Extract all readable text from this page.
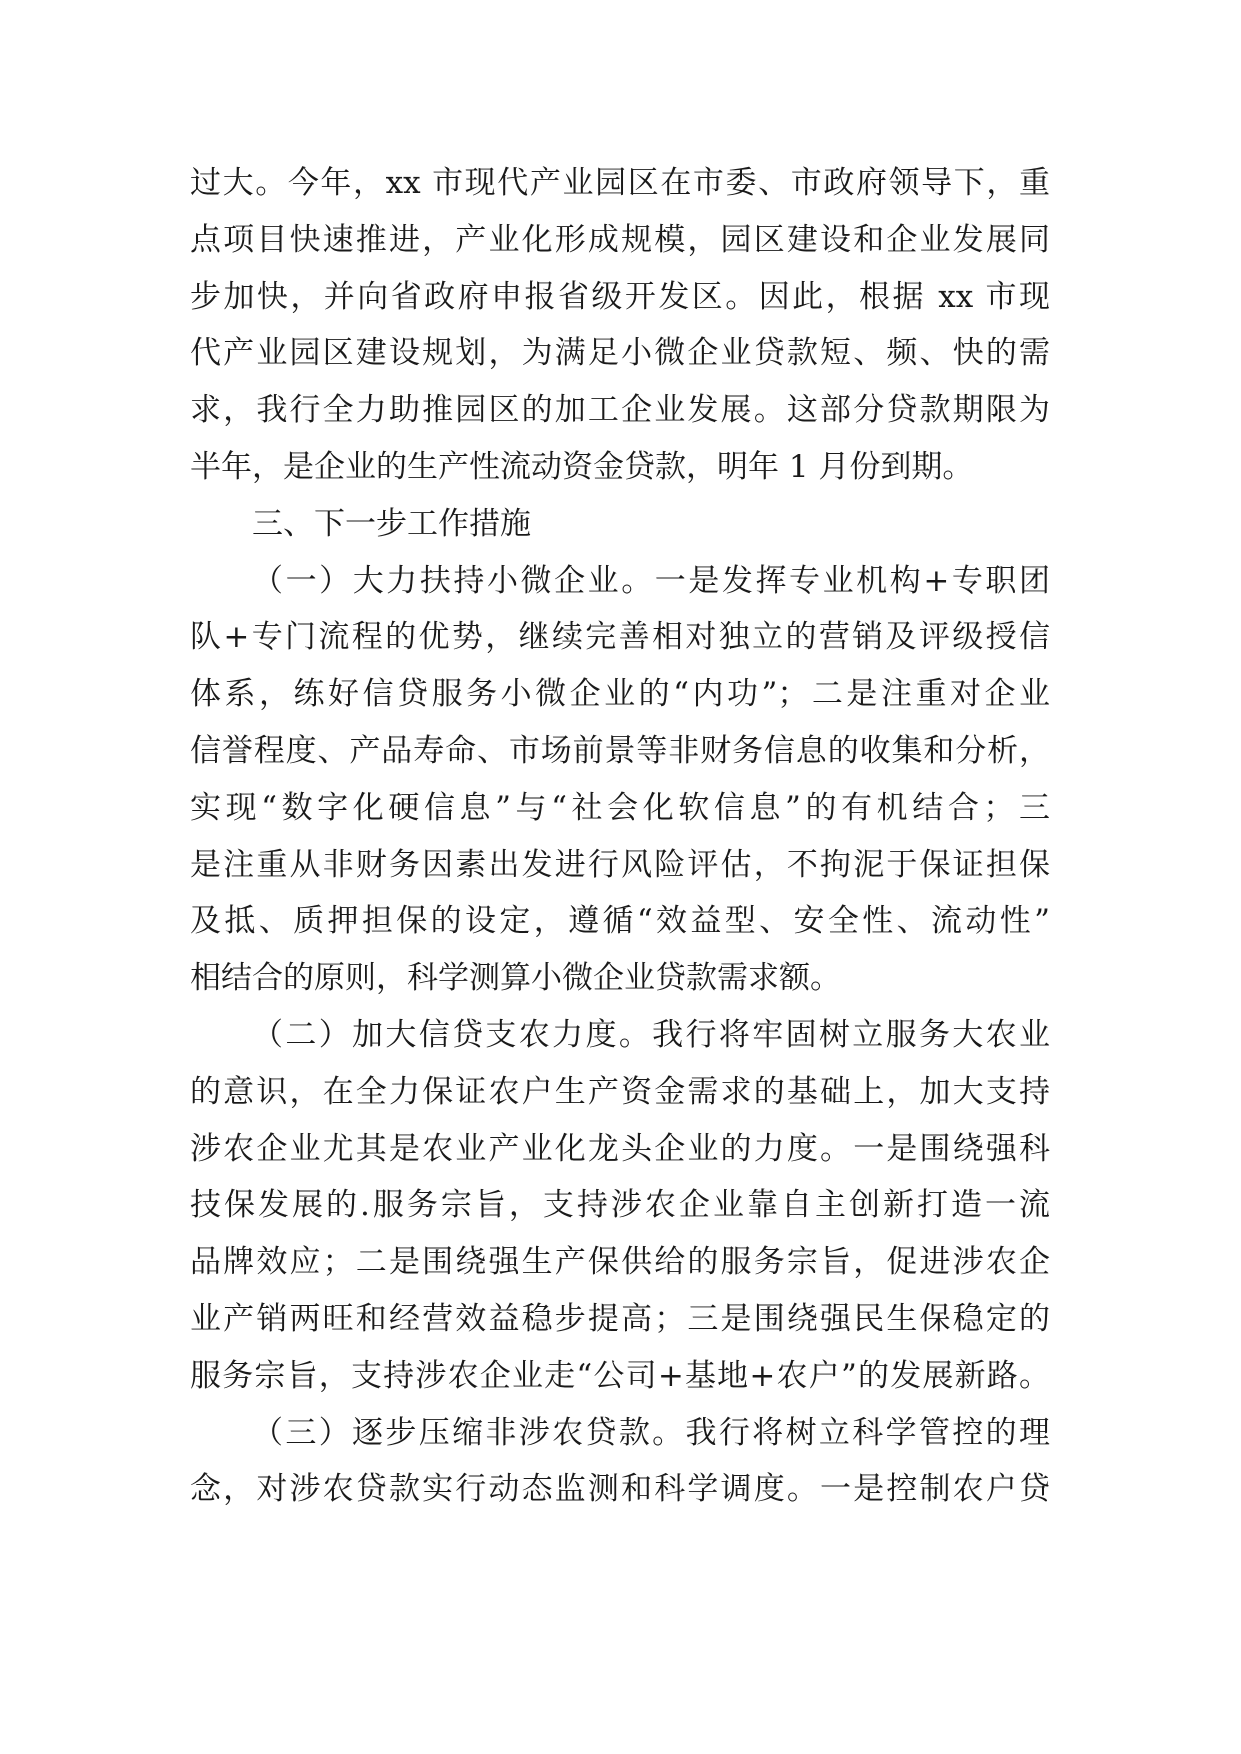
过大。今年，xx 市现代产业园区在市委、市政府领导下，重
点项目快速推进，产业化形成规模，园区建设和企业发展同
步加快，并向省政府申报省级开发区。因此，根据 xx 市现
代产业园区建设规划，为满足小微企业贷款短、频、快的需
求，我行全力助推园区的加工企业发展。这部分贷款期限为
半年，是企业的生产性流动资金贷款，明年 1 月份到期。
三、下一步工作措施
（一）大力扶持小微企业。一是发挥专业机构+专职团
队+专门流程的优势，继续完善相对独立的营销及评级授信
体系，练好信贷服务小微企业的“内功”；二是注重对企业
信誉程度、产品寿命、市场前景等非财务信息的收集和分析，
实现“数字化硬信息”与“社会化软信息”的有机结合；三
是注重从非财务因素出发进行风险评估，不拘泥于保证担保
及抵、质押担保的设定，遵循“效益型、安全性、流动性”
相结合的原则，科学测算小微企业贷款需求额。
（二）加大信贷支农力度。我行将牢固树立服务大农业
的意识，在全力保证农户生产资金需求的基础上，加大支持
涉农企业尤其是农业产业化龙头企业的力度。一是围绕强科
技保发展的.服务宗旨，支持涉农企业靠自主创新打造一流
品牌效应；二是围绕强生产保供给的服务宗旨，促进涉农企
业产销两旺和经营效益稳步提高；三是围绕强民生保稳定的
服务宗旨，支持涉农企业走“公司+基地+农户”的发展新路。
（三）逐步压缩非涉农贷款。我行将树立科学管控的理
念，对涉农贷款实行动态监测和科学调度。一是控制农户贷
